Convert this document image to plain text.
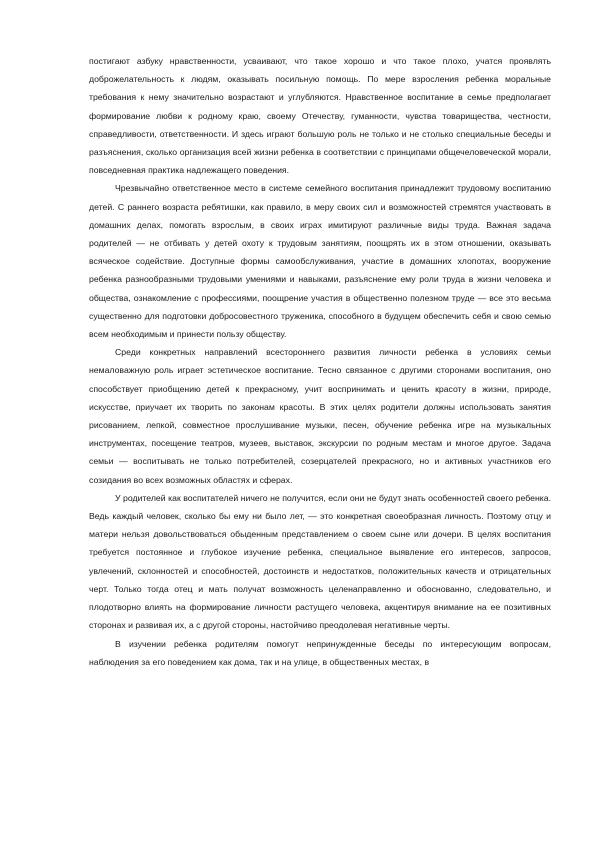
постигают азбуку нравственности, усваивают, что такое хорошо и что такое плохо, учатся проявлять доброжелательность к людям, оказывать посильную помощь. По мере взросления ребенка моральные требования к нему значительно возрастают и углубляются. Нравственное воспитание в семье предполагает формирование любви к родному краю, своему Отечеству, гуманности, чувства товарищества, честности, справедливости, ответственности. И здесь играют большую роль не только и не столько специальные беседы и разъяснения, сколько организация всей жизни ребенка в соответствии с принципами общечеловеческой морали, повседневная практика надлежащего поведения.

Чрезвычайно ответственное место в системе семейного воспитания принадлежит трудовому воспитанию детей. С раннего возраста ребятишки, как правило, в меру своих сил и возможностей стремятся участвовать в домашних делах, помогать взрослым, в своих играх имитируют различные виды труда. Важная задача родителей — не отбивать у детей охоту к трудовым занятиям, поощрять их в этом отношении, оказывать всяческое содействие. Доступные формы самообслуживания, участие в домашних хлопотах, вооружение ребенка разнообразными трудовыми умениями и навыками, разъяснение ему роли труда в жизни человека и общества, ознакомление с профессиями, поощрение участия в общественно полезном труде — все это весьма существенно для подготовки добросовестного труженика, способного в будущем обеспечить себя и свою семью всем необходимым и принести пользу обществу.

Среди конкретных направлений всестороннего развития личности ребенка в условиях семьи немаловажную роль играет эстетическое воспитание. Тесно связанное с другими сторонами воспитания, оно способствует приобщению детей к прекрасному, учит воспринимать и ценить красоту в жизни, природе, искусстве, приучает их творить по законам красоты. В этих целях родители должны использовать занятия рисованием, лепкой, совместное прослушивание музыки, песен, обучение ребенка игре на музыкальных инструментах, посещение театров, музеев, выставок, экскурсии по родным местам и многое другое. Задача семьи — воспитывать не только потребителей, созерцателей прекрасного, но и активных участников его созидания во всех возможных областях и сферах.

У родителей как воспитателей ничего не получится, если они не будут знать особенностей своего ребенка. Ведь каждый человек, сколько бы ему ни было лет, — это конкретная своеобразная личность. Поэтому отцу и матери нельзя довольствоваться обыденным представлением о своем сыне или дочери. В целях воспитания требуется постоянное и глубокое изучение ребенка, специальное выявление его интересов, запросов, увлечений, склонностей и способностей, достоинств и недостатков, положительных качеств и отрицательных черт. Только тогда отец и мать получат возможность целенаправленно и обоснованно, следовательно, и плодотворно влиять на формирование личности растущего человека, акцентируя внимание на ее позитивных сторонах и развивая их, а с другой стороны, настойчиво преодолевая негативные черты.

В изучении ребенка родителям помогут непринужденные беседы по интересующим вопросам, наблюдения за его поведением как дома, так и на улице, в общественных местах, в
